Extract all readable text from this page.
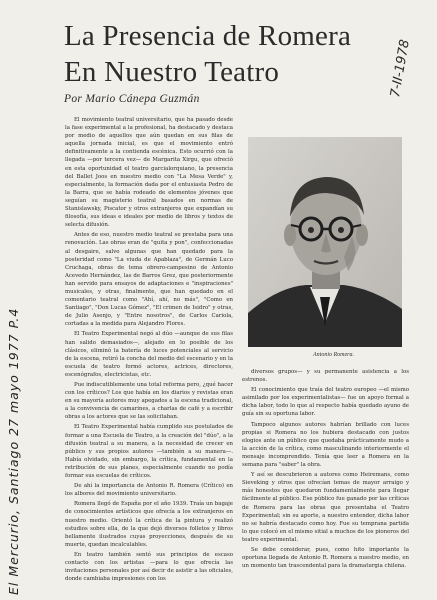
La Presencia de Romera
En Nuestro Teatro
Por Mario Cánepa Guzmán
7-II-1978
El Mercurio, Santiago 27 mayo 1977 P.4

El movimiento teatral universitario, que ha pasado desde la fase experimental a la profesional, ha destacado y destaca por medio de aquellos que aún quedan en sus filas de aquella jornada inicial, es que el movimiento entró definitivamente a la contienda escénica. Esto ocurrió con la llegada —por tercera vez— de Margarita Xirgu, que ofreció en esta oportunidad el teatro garcialorquiano, la presencia del Ballet Joos en nuestro medio con "La Mesa Verde" y, especialmente, la formación dada por el entusiasta Pedro de la Barra, que se había rodeado de elementos jóvenes que seguían su magisterio teatral basados en normas de Stanislawsky, Piscator y otros extranjeros que expandían su filosofía, sus ideas e ideales por medio de libros y textos de selecta difusión.

Antes de eso, nuestro medio teatral se prestaba para una renovación. Las obras eran de "quita y pon", confeccionadas al desgaire, salvo algunas que han quedado para la posteridad como "La viuda de Apablaza", de Germán Luco Cruchaga, obras de tema obrero-campesino de Antonio Acevedo Hernández, las de Barros Grez, que posteriormente han servido para ensayos de adaptaciones e "inspiraciones" musicales, y otras, finalmente, que han quedado en el comentario teatral como "Ahí, ahí, no más", "Como en Santiago", "Don Lucas Gómez", "El crimen de Isidro" y otras, de Julio Asenjo, y "Entre nosotros", de Carlos Cariola, cortadas a la medida para Alejandro Flores.

El Teatro Experimental negó al dúo —aunque de sus filas han salido demasiados—, alejado en lo posible de los clásicos, eliminó la batería de luces potenciales al servicio de la escena, retiró la concha del medio del escenario y en la escuela de teatro formó actores, actrices, directores, escenógrafos, electricistas, etc.

Pue indiscutiblemente una total reforma pero, ¿qué hacer con los críticos? Los que había en los diarios y revistas eran en su mayoría autores muy apegados a la escena tradicional, a la convivencia de camarines, a charlas de café y a escribir obras a los actores que se las solicitaban.

El Teatro Experimental había cumplido sus postulados de formar a una Escuela de Teatro, a la creación del "dúo", a la difusión teatral a su manera, a la necesidad de crecer en público y sus propios autores —también a su manera—. Había olvidado, sin embargo, la crítica, fundamental en la retribución de sus planes, especialmente cuando no podía formar sus escuelas de críticos.

De ahí la importancia de Antonio R. Romera (Crítico) en los albores del movimiento universitario.

Romera llegó de España por el año 1939. Traía un bagaje de conocimientos artísticos que ofrecía a los extranjeros en nuestro medio. Orientó la crítica de la pintura y realizó estudios sobre ella, de la que dejó diversos folletos y libros bellamente ilustrados cuyas proyecciones, después de su muerte, quedan incalculables.

En teatro también sentó sus principios de escaso contacto con los artistas —para lo que ofrecía las invitaciones personales por así decir de asistir a las oficiales, donde cambiaba impresiones con los

Antonio Romera.

diversos grupos— y su permanente asistencia a los estrenos.

El conocimiento que traía del teatro europeo —el mismo asimilado por los experimentalistas— fue un apoyo formal a dicha labor, todo lo que al respecto había quedado ayuno de guía sin su oportuna labor.

Tampoco algunos autores habrían brillado con luces propias si Romera no los hubiera destacado con justos elogios ante un público que quedaba prácticamente mudo a la acción de la crítica, como masculinando interiormente el mensaje incomprendido. Tenía que leer a Romera en la semana para "saber" la obra.

Y así se descubrieron a autores como Heiremans, como Sieveking y otros que ofrecían temas de mayor arraigo y más honestos que quedaron fundamentalmente para llegar fácilmente al público. Ese público fue ganado por las críticas de Romera para las obras que presentaba el Teatro Experimental; sin su aporte, a nuestro entender, dicha labor no se habría destacado como hoy. Fue su temprana partida lo que colocó en el mismo sitial a muchos de los pioneros del teatro experimental.

Se debe considerar, pues, como hito importante la oportuna llegada de Antonio R. Romera a nuestro medio, en un momento tan trascendental para la dramaturgia chilena.
